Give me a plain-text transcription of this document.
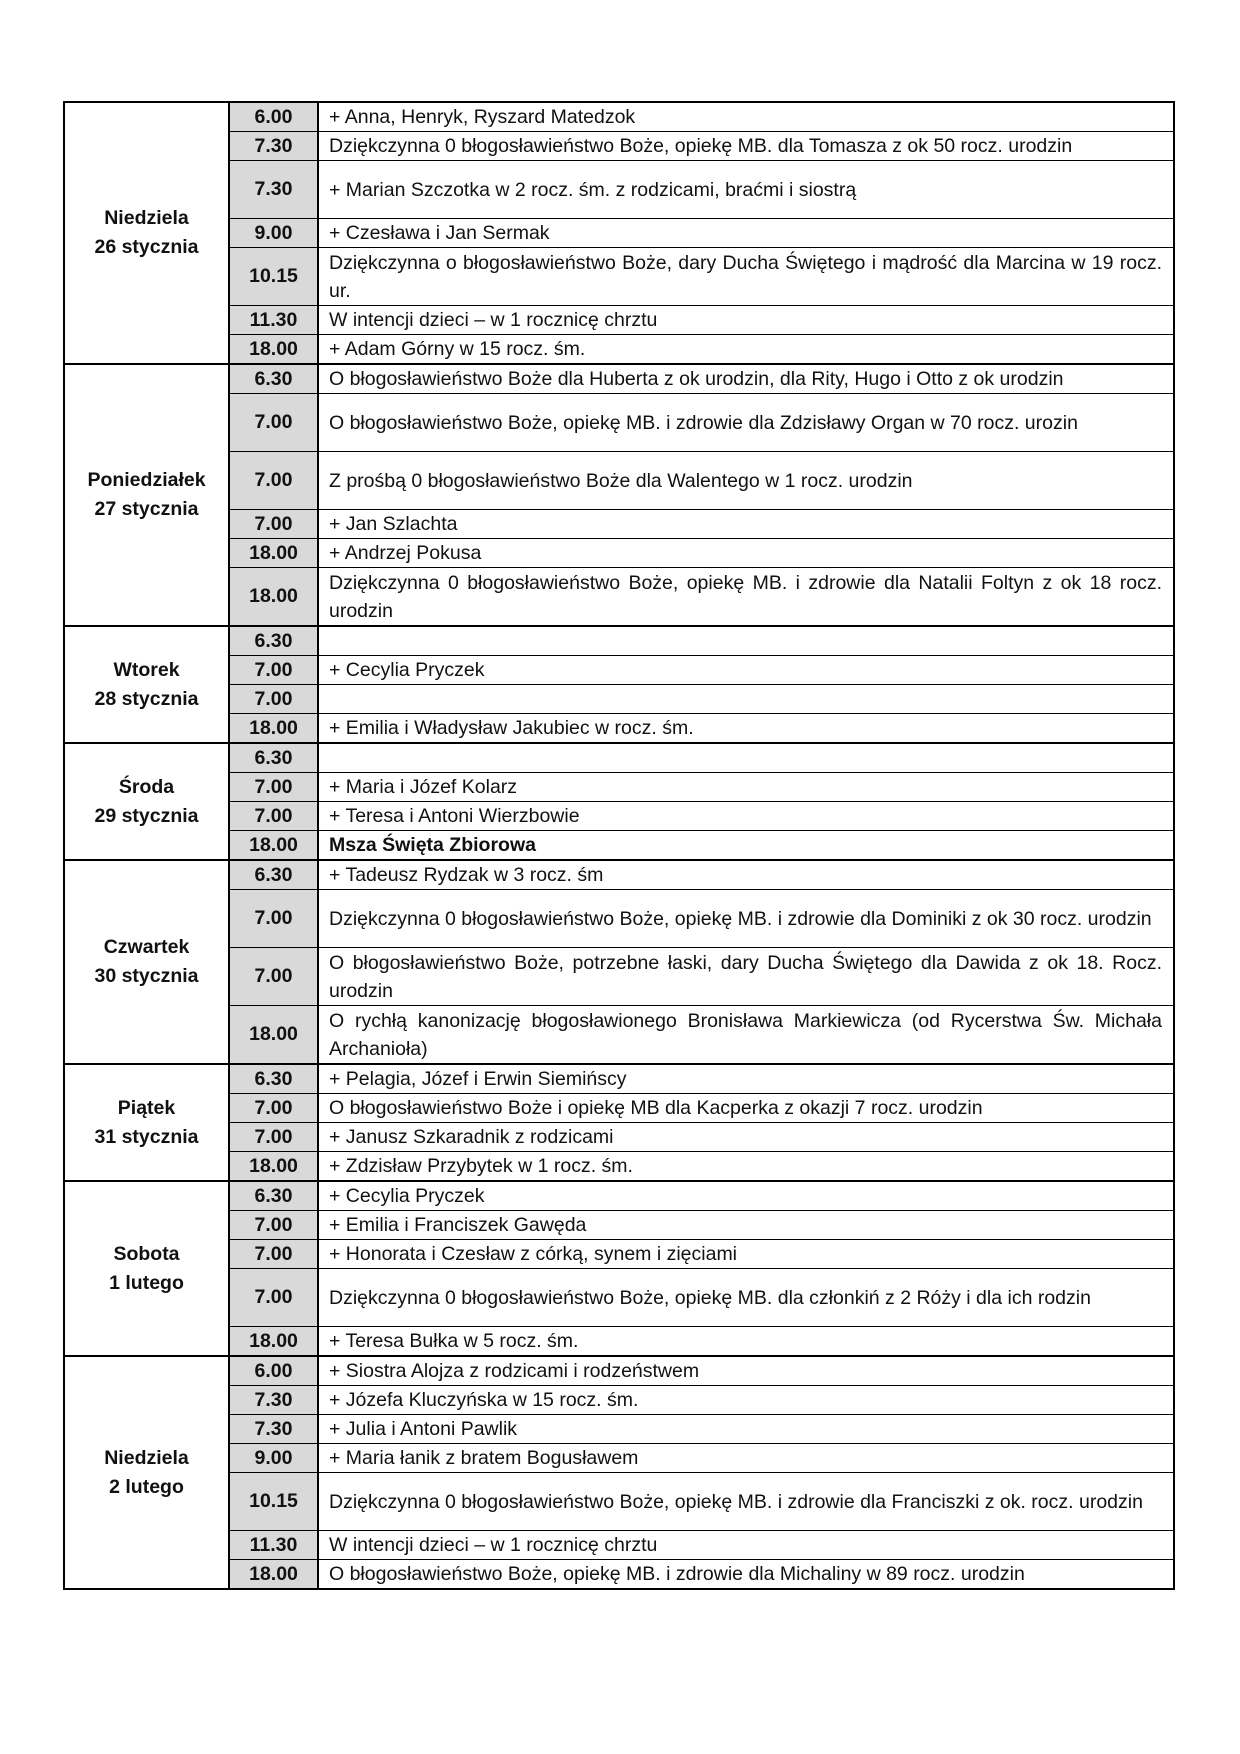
Niedziela
26 stycznia	6.00	+ Anna, Henryk, Ryszard Matedzok
	7.30	Dziękczynna 0 błogosławieństwo Boże, opiekę MB. dla Tomasza z ok 50 rocz. urodzin
	7.30	+ Marian Szczotka w 2 rocz. śm. z rodzicami, braćmi i siostrą
	9.00	+ Czesława i Jan Sermak
	10.15	Dziękczynna o błogosławieństwo Boże, dary Ducha Świętego i mądrość dla Marcina w 19 rocz. ur.
	11.30	W intencji dzieci – w 1 rocznicę chrztu
	18.00	+ Adam Górny w 15 rocz. śm.

Poniedziałek
27 stycznia	6.30	O błogosławieństwo Boże dla Huberta z ok urodzin, dla Rity, Hugo i Otto z ok urodzin
	7.00	O błogosławieństwo Boże, opiekę MB. i zdrowie dla Zdzisławy Organ w 70 rocz. urozin
	7.00	Z prośbą 0 błogosławieństwo Boże dla Walentego w 1 rocz. urodzin
	7.00	+ Jan Szlachta
	18.00	+ Andrzej Pokusa
	18.00	Dziękczynna 0 błogosławieństwo Boże, opiekę MB. i zdrowie dla Natalii Foltyn z ok 18 rocz. urodzin

Wtorek
28 stycznia	6.30	
	7.00	+ Cecylia Pryczek
	7.00	
	18.00	+ Emilia i Władysław Jakubiec w rocz. śm.

Środa
29 stycznia	6.30	
	7.00	+ Maria i Józef Kolarz
	7.00	+ Teresa i Antoni Wierzbowie
	18.00	Msza Święta Zbiorowa

Czwartek
30 stycznia	6.30	+ Tadeusz Rydzak w 3 rocz. śm
	7.00	Dziękczynna 0 błogosławieństwo Boże, opiekę MB. i zdrowie dla Dominiki z ok 30 rocz. urodzin
	7.00	O błogosławieństwo Boże, potrzebne łaski, dary Ducha Świętego dla Dawida z ok 18. Rocz. urodzin
	18.00	O rychłą kanonizację błogosławionego Bronisława Markiewicza (od Rycerstwa Św. Michała Archanioła)

Piątek
31 stycznia	6.30	+ Pelagia, Józef i Erwin Siemińscy
	7.00	O błogosławieństwo Boże i opiekę MB dla Kacperka z okazji 7 rocz. urodzin
	7.00	+ Janusz Szkaradnik z rodzicami
	18.00	+ Zdzisław Przybytek w 1 rocz. śm.

Sobota
1 lutego	6.30	+ Cecylia Pryczek
	7.00	+ Emilia i Franciszek Gawęda
	7.00	+ Honorata i Czesław z córką, synem i zięciami
	7.00	Dziękczynna 0 błogosławieństwo Boże, opiekę MB. dla członkiń z 2 Róży i dla ich rodzin
	18.00	+ Teresa Bułka w 5 rocz. śm.

Niedziela
2 lutego	6.00	+ Siostra Alojza z rodzicami i rodzeństwem
	7.30	+ Józefa Kluczyńska w 15 rocz. śm.
	7.30	+ Julia i Antoni Pawlik
	9.00	+ Maria łanik z bratem Bogusławem
	10.15	Dziękczynna 0 błogosławieństwo Boże, opiekę MB. i zdrowie dla Franciszki z ok. rocz. urodzin
	11.30	W intencji dzieci – w 1 rocznicę chrztu
	18.00	O błogosławieństwo Boże, opiekę MB. i zdrowie dla Michaliny w 89 rocz. urodzin
